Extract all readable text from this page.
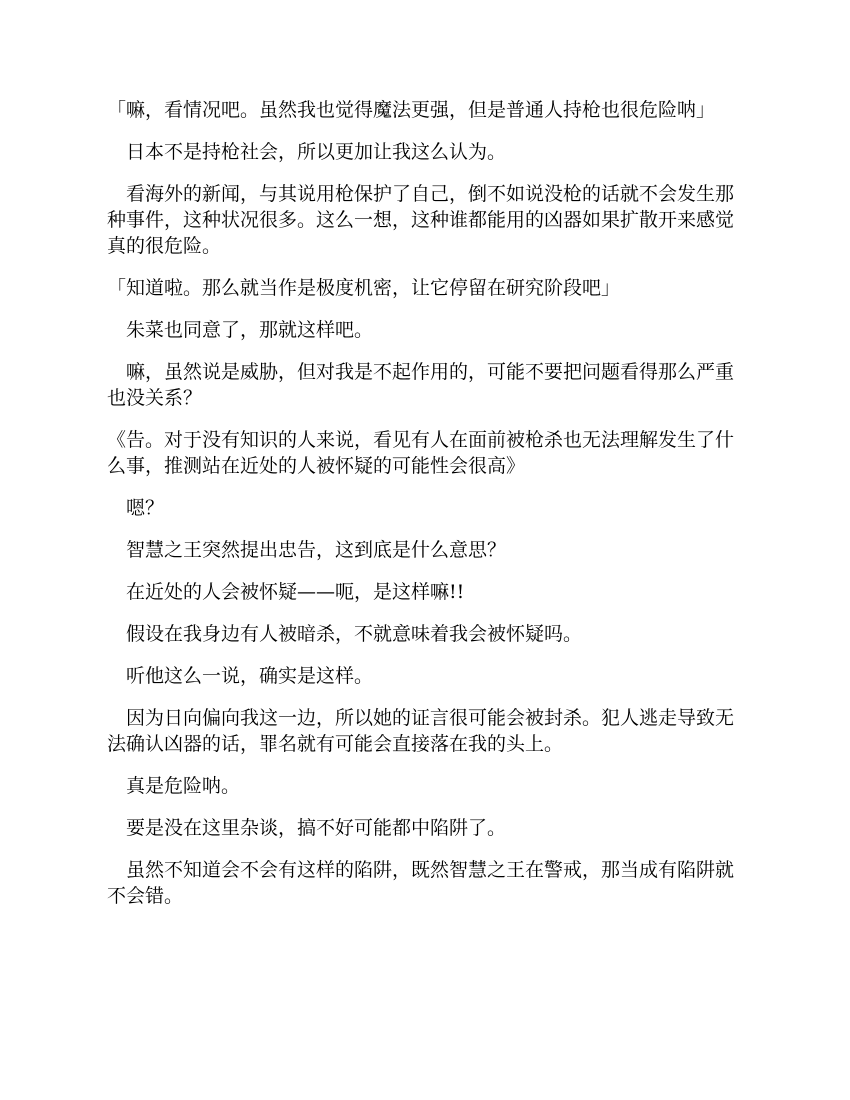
「嘛，看情况吧。虽然我也觉得魔法更强，但是普通人持枪也很危险呐」

日本不是持枪社会，所以更加让我这么认为。

看海外的新闻，与其说用枪保护了自己，倒不如说没枪的话就不会发生那种事件，这种状况很多。这么一想，这种谁都能用的凶器如果扩散开来感觉真的很危险。

「知道啦。那么就当作是极度机密，让它停留在研究阶段吧」

朱菜也同意了，那就这样吧。

嘛，虽然说是威胁，但对我是不起作用的，可能不要把问题看得那么严重也没关系？

《告。对于没有知识的人来说，看见有人在面前被枪杀也无法理解发生了什么事，推测站在近处的人被怀疑的可能性会很高》

嗯？

智慧之王突然提出忠告，这到底是什么意思？

在近处的人会被怀疑——呃，是这样嘛!!

假设在我身边有人被暗杀，不就意味着我会被怀疑吗。

听他这么一说，确实是这样。

因为日向偏向我这一边，所以她的证言很可能会被封杀。犯人逃走导致无法确认凶器的话，罪名就有可能会直接落在我的头上。

真是危险呐。

要是没在这里杂谈，搞不好可能都中陷阱了。

虽然不知道会不会有这样的陷阱，既然智慧之王在警戒，那当成有陷阱就不会错。
